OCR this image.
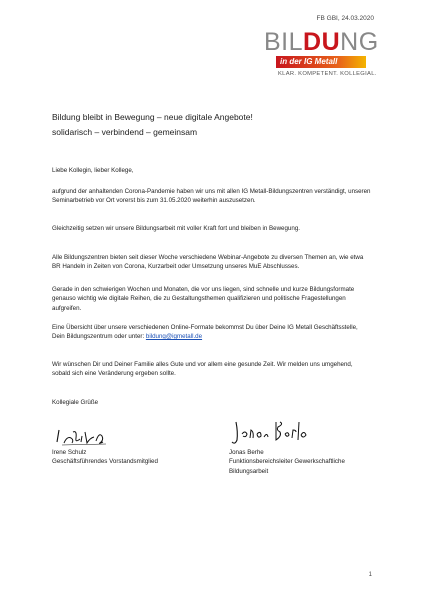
FB GBI, 24.03.2020
BILDUNG
in der IG Metall
KLAR. KOMPETENT. KOLLEGIAL.
Bildung bleibt in Bewegung – neue digitale Angebote!
solidarisch – verbindend – gemeinsam
Liebe Kollegin, lieber Kollege,

aufgrund der anhaltenden Corona-Pandemie haben wir uns mit allen IG Metall-Bildungszentren verständigt, unseren Seminarbetrieb vor Ort vorerst bis zum 31.05.2020 weiterhin auszusetzen.

Gleichzeitig setzen wir unsere Bildungsarbeit mit voller Kraft fort und bleiben in Bewegung.

Alle Bildungszentren bieten seit dieser Woche verschiedene Webinar-Angebote zu diversen Themen an, wie etwa BR Handeln in Zeiten von Corona, Kurzarbeit oder Umsetzung unseres MuE Abschlusses.

Gerade in den schwierigen Wochen und Monaten, die vor uns liegen, sind schnelle und kurze Bildungsformate genauso wichtig wie digitale Reihen, die zu Gestaltungsthemen qualifizieren und politische Fragestellungen aufgreifen.

Eine Übersicht über unsere verschiedenen Online-Formate bekommst Du über Deine IG Metall Geschäftsstelle, Dein Bildungszentrum oder unter: bildung@igmetall.de

Wir wünschen Dir und Deiner Familie alles Gute und vor allem eine gesunde Zeit. Wir melden uns umgehend, sobald sich eine Veränderung ergeben sollte.

Kollegiale Grüße
Irene Schulz
Geschäftsführendes Vorstandsmitglied
Jonas Berhe
Funktionsbereichsleiter Gewerkschaftliche Bildungsarbeit
1
